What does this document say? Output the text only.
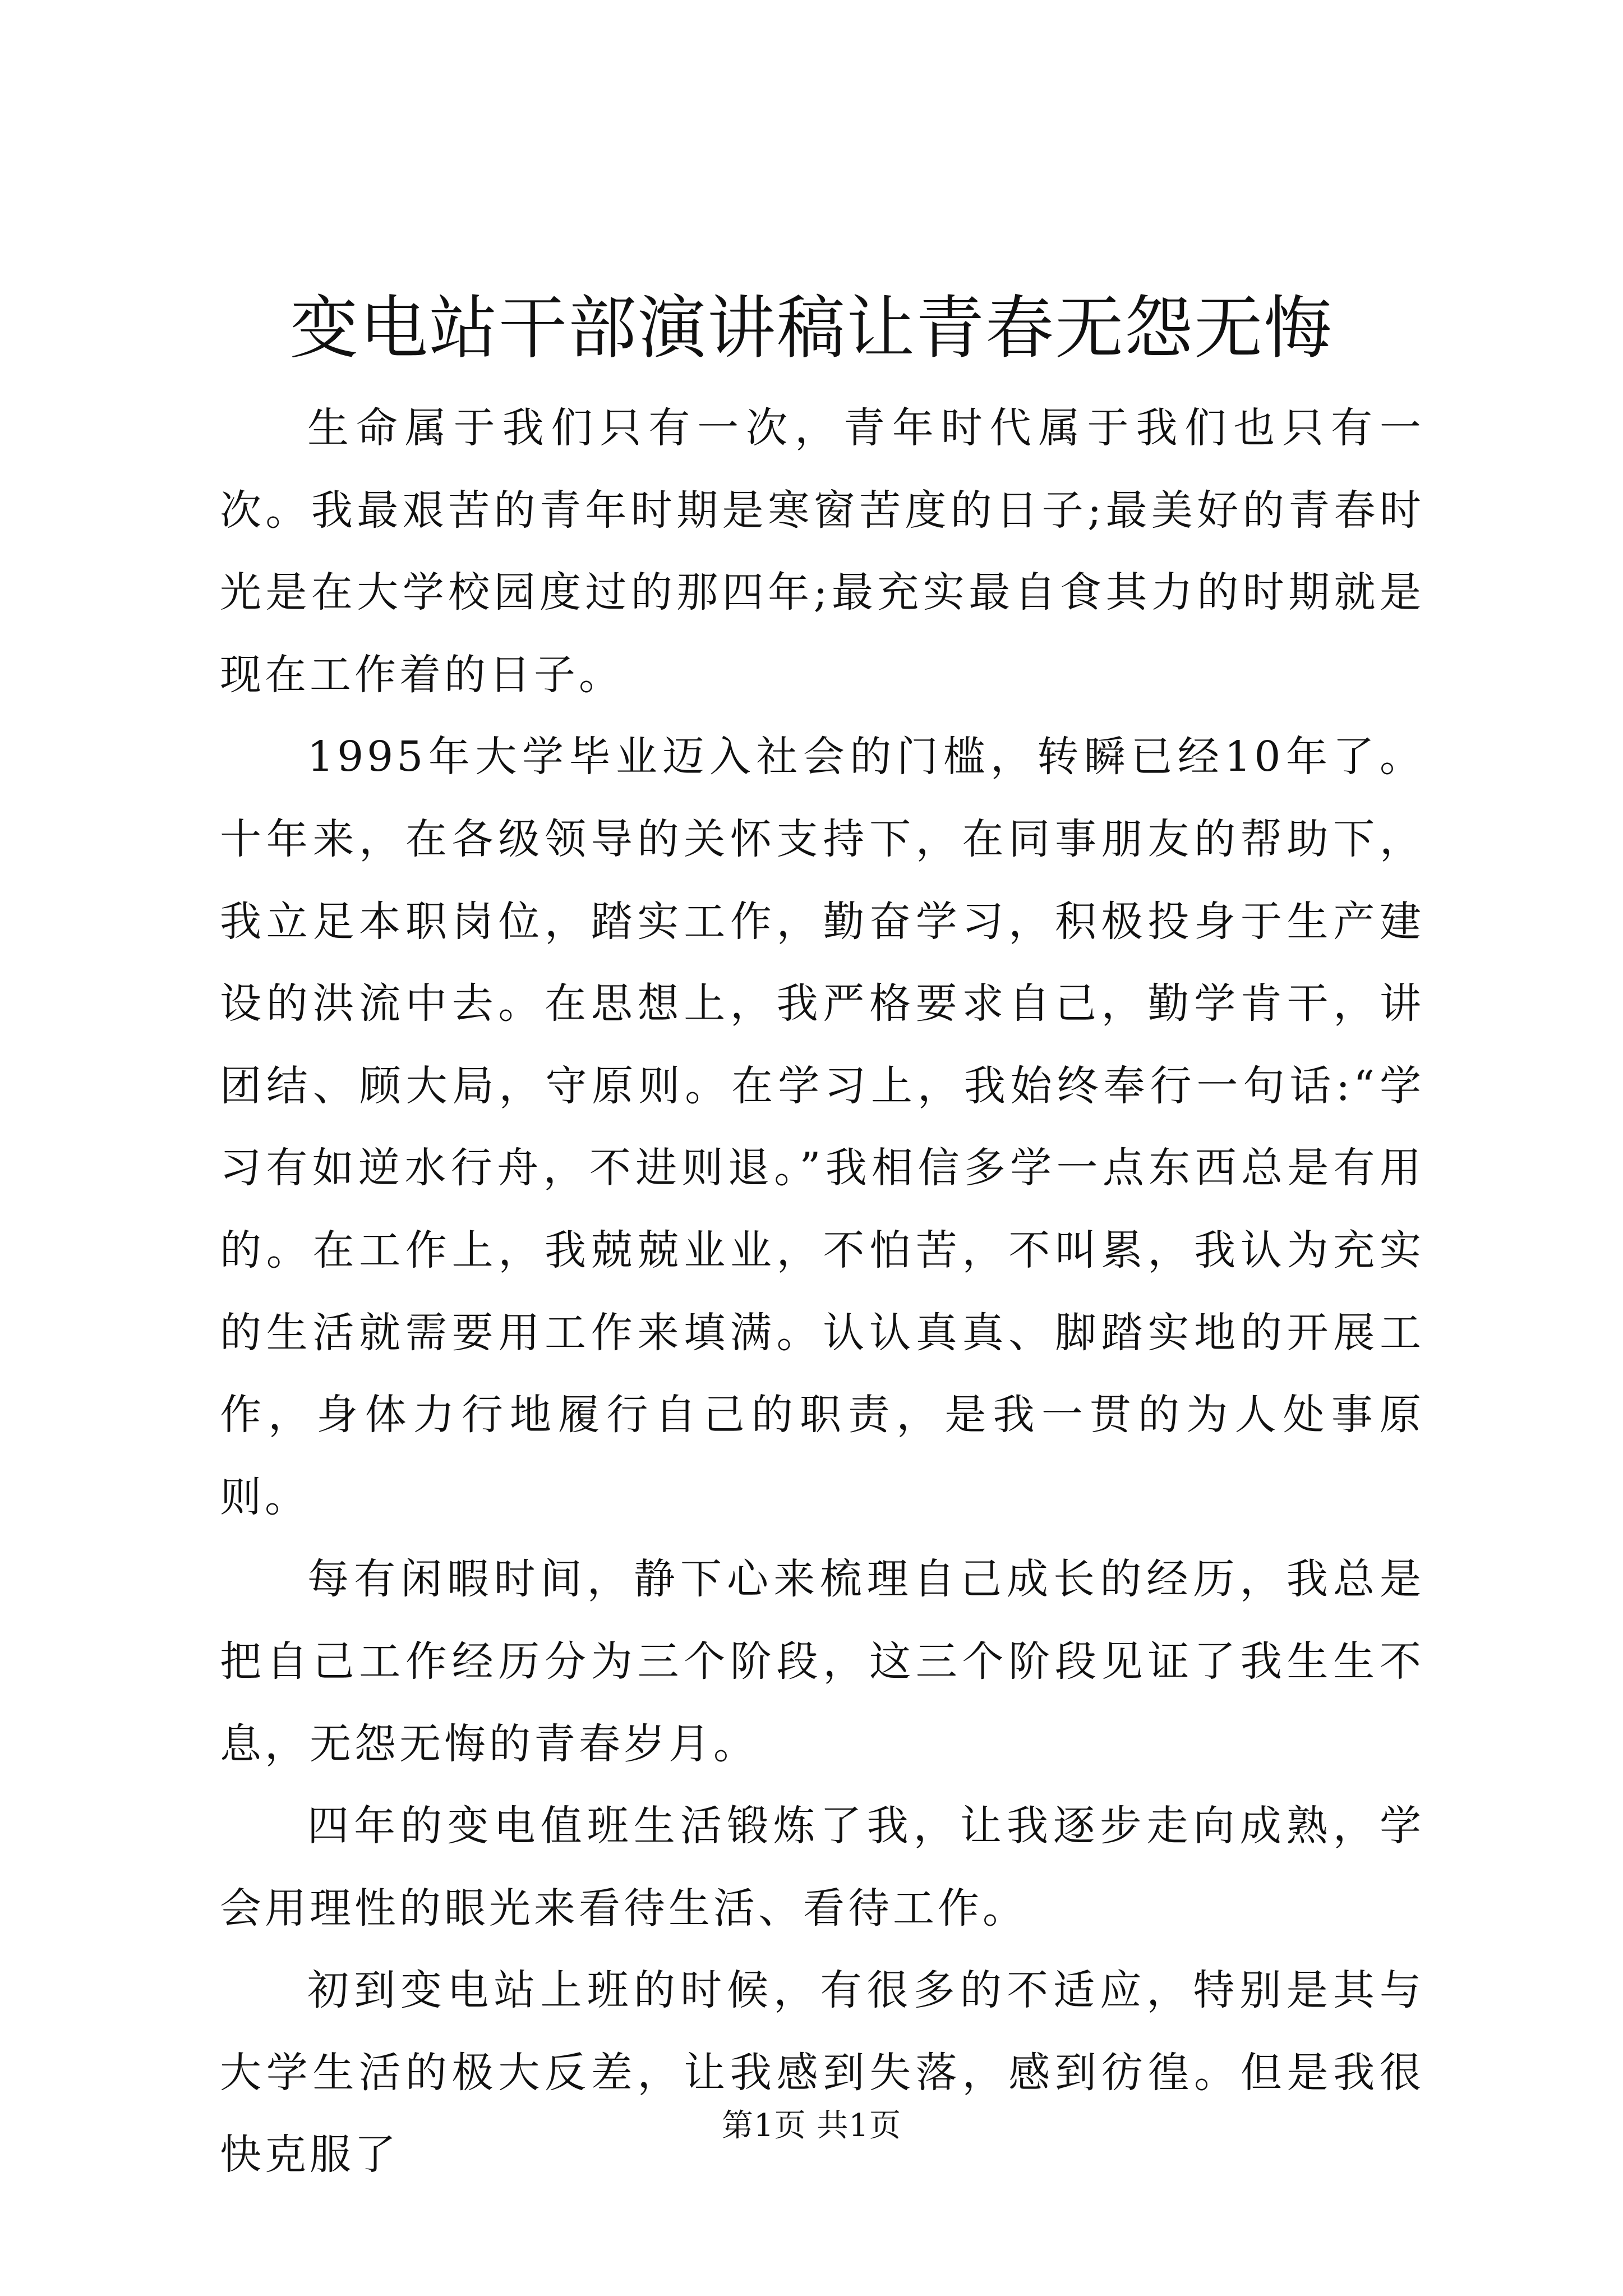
变电站干部演讲稿让青春无怨无悔

生命属于我们只有一次，青年时代属于我们也只有一次。我最艰苦的青年时期是寒窗苦度的日子;最美好的青春时光是在大学校园度过的那四年;最充实最自食其力的时期就是现在工作着的日子。

1995年大学毕业迈入社会的门槛，转瞬已经10年了。十年来，在各级领导的关怀支持下，在同事朋友的帮助下，我立足本职岗位，踏实工作，勤奋学习，积极投身于生产建设的洪流中去。在思想上，我严格要求自己，勤学肯干，讲团结、顾大局，守原则。在学习上，我始终奉行一句话:“学习有如逆水行舟，不进则退。”我相信多学一点东西总是有用的。在工作上，我兢兢业业，不怕苦，不叫累，我认为充实的生活就需要用工作来填满。认认真真、脚踏实地的开展工作，身体力行地履行自己的职责，是我一贯的为人处事原则。

每有闲暇时间，静下心来梳理自己成长的经历，我总是把自己工作经历分为三个阶段，这三个阶段见证了我生生不息，无怨无悔的青春岁月。

四年的变电值班生活锻炼了我，让我逐步走向成熟，学会用理性的眼光来看待生活、看待工作。

初到变电站上班的时候，有很多的不适应，特别是其与大学生活的极大反差，让我感到失落，感到彷徨。但是我很快克服了

第1页 共1页
